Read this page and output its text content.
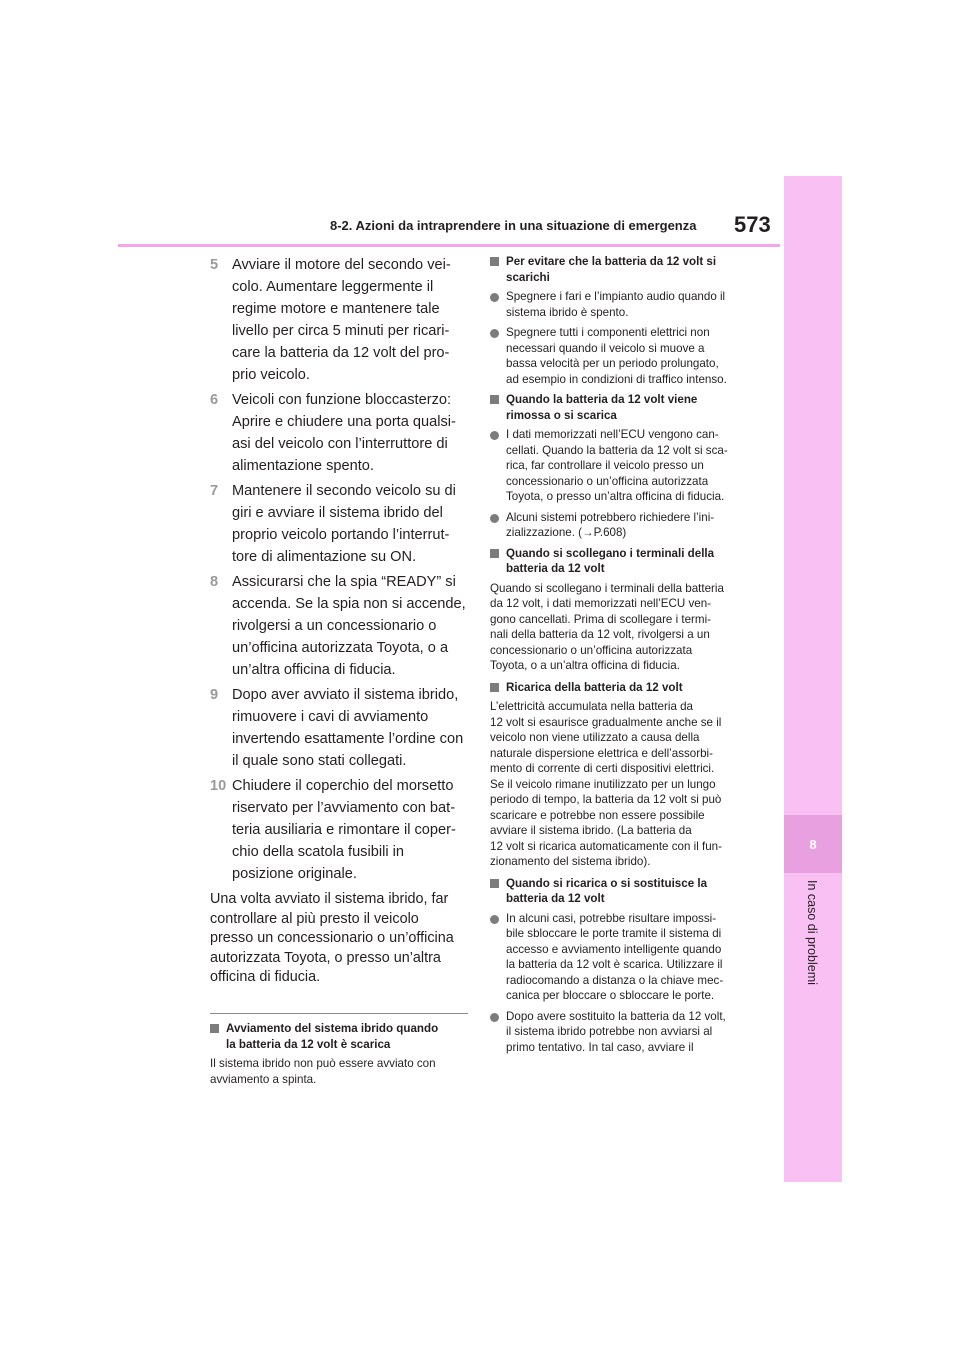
8
In caso di problemi
8-2. Azioni da intraprendere in una situazione di emergenza 573
5 Avviare il motore del secondo vei-
colo. Aumentare leggermente il
regime motore e mantenere tale
livello per circa 5 minuti per ricari-
care la batteria da 12 volt del pro-
prio veicolo.
6 Veicoli con funzione bloccasterzo:
Aprire e chiudere una porta qualsi-
asi del veicolo con l’interruttore di
alimentazione spento.
7 Mantenere il secondo veicolo su di
giri e avviare il sistema ibrido del
proprio veicolo portando l’interrut-
tore di alimentazione su ON.
8 Assicurarsi che la spia “READY” si
accenda. Se la spia non si accende,
rivolgersi a un concessionario o
un’officina autorizzata Toyota, o a
un’altra officina di fiducia.
9 Dopo aver avviato il sistema ibrido,
rimuovere i cavi di avviamento
invertendo esattamente l’ordine con
il quale sono stati collegati.
10 Chiudere il coperchio del morsetto
riservato per l’avviamento con bat-
teria ausiliaria e rimontare il coper-
chio della scatola fusibili in
posizione originale.
Una volta avviato il sistema ibrido, far
controllare al più presto il veicolo
presso un concessionario o un’officina
autorizzata Toyota, o presso un’altra
officina di fiducia.
Avviamento del sistema ibrido quando
la batteria da 12 volt è scarica
Il sistema ibrido non può essere avviato con
avviamento a spinta.
Per evitare che la batteria da 12 volt si
scarichi
Spegnere i fari e l’impianto audio quando il
sistema ibrido è spento.
Spegnere tutti i componenti elettrici non
necessari quando il veicolo si muove a
bassa velocità per un periodo prolungato,
ad esempio in condizioni di traffico intenso.
Quando la batteria da 12 volt viene
rimossa o si scarica
I dati memorizzati nell’ECU vengono can-
cellati. Quando la batteria da 12 volt si sca-
rica, far controllare il veicolo presso un
concessionario o un’officina autorizzata
Toyota, o presso un’altra officina di fiducia.
Alcuni sistemi potrebbero richiedere l’ini-
zializzazione. (→P.608)
Quando si scollegano i terminali della
batteria da 12 volt
Quando si scollegano i terminali della batteria
da 12 volt, i dati memorizzati nell’ECU ven-
gono cancellati. Prima di scollegare i termi-
nali della batteria da 12 volt, rivolgersi a un
concessionario o un’officina autorizzata
Toyota, o a un’altra officina di fiducia.
Ricarica della batteria da 12 volt
L’elettricità accumulata nella batteria da
12 volt si esaurisce gradualmente anche se il
veicolo non viene utilizzato a causa della
naturale dispersione elettrica e dell’assorbi-
mento di corrente di certi dispositivi elettrici.
Se il veicolo rimane inutilizzato per un lungo
periodo di tempo, la batteria da 12 volt si può
scaricare e potrebbe non essere possibile
avviare il sistema ibrido. (La batteria da
12 volt si ricarica automaticamente con il fun-
zionamento del sistema ibrido).
Quando si ricarica o si sostituisce la
batteria da 12 volt
In alcuni casi, potrebbe risultare impossi-
bile sbloccare le porte tramite il sistema di
accesso e avviamento intelligente quando
la batteria da 12 volt è scarica. Utilizzare il
radiocomando a distanza o la chiave mec-
canica per bloccare o sbloccare le porte.
Dopo avere sostituito la batteria da 12 volt,
il sistema ibrido potrebbe non avviarsi al
primo tentativo. In tal caso, avviare il
